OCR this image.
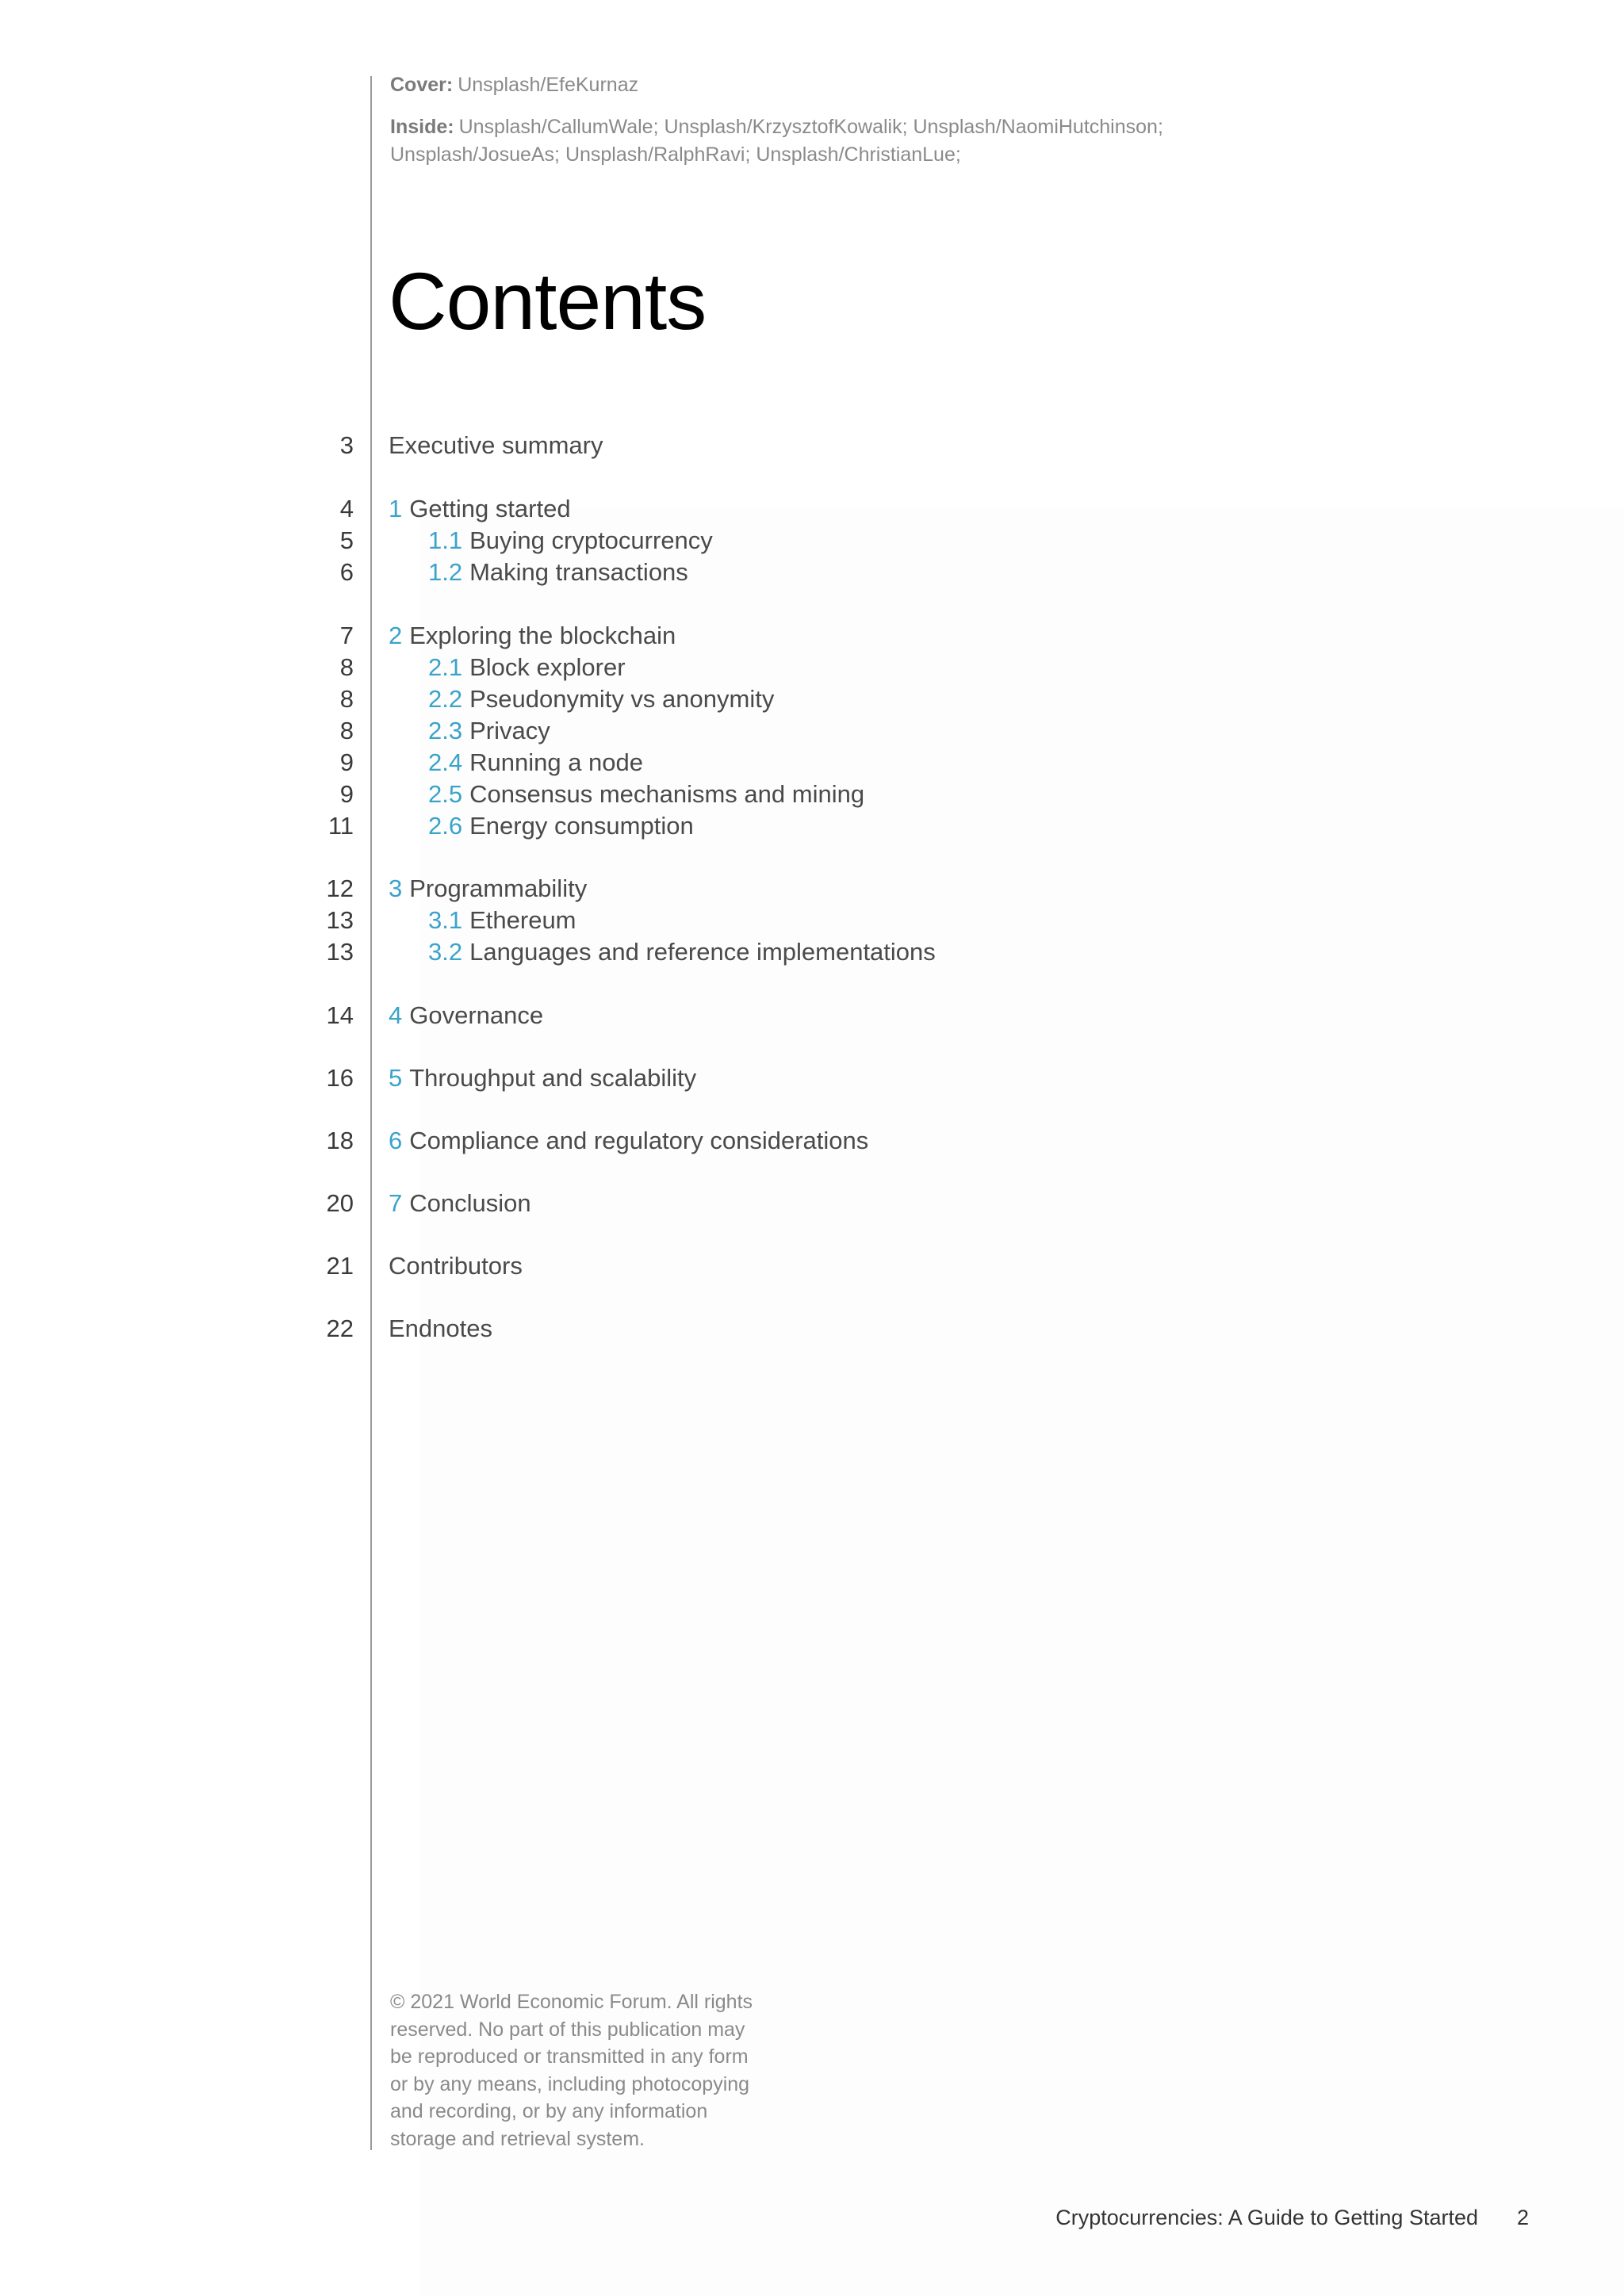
Cover: Unsplash/EfeKurnaz
Inside: Unsplash/CallumWale; Unsplash/KrzysztofKowalik; Unsplash/NaomiHutchinson;
Unsplash/JosueAs; Unsplash/RalphRavi; Unsplash/ChristianLue;
Contents
3 Executive summary
4 1 Getting started
5	1.1 Buying cryptocurrency
6	1.2 Making transactions
7 2 Exploring the blockchain
8	2.1 Block explorer
8	2.2 Pseudonymity vs anonymity
8	2.3 Privacy
9	2.4 Running a node
9	2.5 Consensus mechanisms and mining
11	2.6 Energy consumption
12 3 Programmability
13	3.1 Ethereum
13	3.2 Languages and reference implementations
14 4 Governance
16 5 Throughput and scalability
18 6 Compliance and regulatory considerations
20 7 Conclusion
21 Contributors
22 Endnotes
© 2021 World Economic Forum. All rights
reserved. No part of this publication may
be reproduced or transmitted in any form
or by any means, including photocopying
and recording, or by any information
storage and retrieval system.
Cryptocurrencies: A Guide to Getting Started	2
